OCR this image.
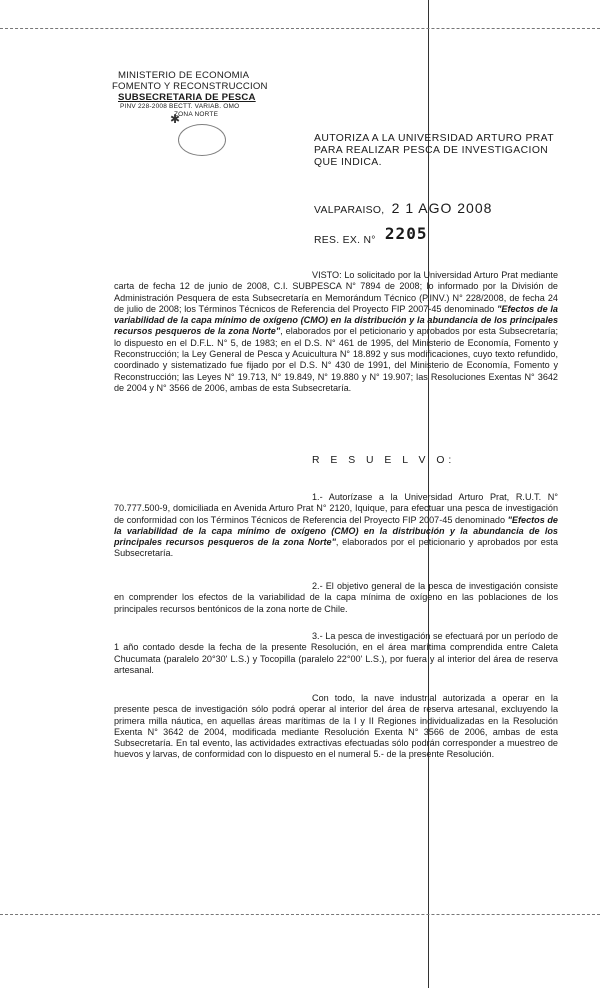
MINISTERIO DE ECONOMIA
FOMENTO Y RECONSTRUCCION
SUBSECRETARIA DE PESCA
PINV 228-2008 BECTT. VARIAB. OMO
ZONA NORTE
✱
AUTORIZA A LA UNIVERSIDAD ARTURO PRAT
PARA REALIZAR PESCA DE INVESTIGACION
QUE INDICA.
VALPARAISO, 2 1 AGO 2008
RES. EX. N° 2205

VISTO: Lo solicitado por la Universidad Arturo Prat mediante carta de fecha 12 de junio de 2008, C.I. SUBPESCA N° 7894 de 2008; lo informado por la División de Administración Pesquera de esta Subsecretaría en Memorándum Técnico (P.INV.) N° 228/2008, de fecha 24 de julio de 2008; los Términos Técnicos de Referencia del Proyecto FIP 2007-45 denominado "Efectos de la variabilidad de la capa mínimo de oxígeno (CMO) en la distribución y la abundancia de los principales recursos pesqueros de la zona Norte", elaborados por el peticionario y aprobados por esta Subsecretaría; lo dispuesto en el D.F.L. N° 5, de 1983; en el D.S. N° 461 de 1995, del Ministerio de Economía, Fomento y Reconstrucción; la Ley General de Pesca y Acuicultura N° 18.892 y sus modificaciones, cuyo texto refundido, coordinado y sistematizado fue fijado por el D.S. N° 430 de 1991, del Ministerio de Economía, Fomento y Reconstrucción; las Leyes N° 19.713, N° 19.849, N° 19.880 y N° 19.907; las Resoluciones Exentas N° 3642 de 2004 y N° 3566 de 2006, ambas de esta Subsecretaría.

R E S U E L V O:

1.- Autorízase a la Universidad Arturo Prat, R.U.T. N° 70.777.500-9, domiciliada en Avenida Arturo Prat N° 2120, Iquique, para efectuar una pesca de investigación de conformidad con los Términos Técnicos de Referencia del Proyecto FIP 2007-45 denominado "Efectos de la variabilidad de la capa mínimo de oxígeno (CMO) en la distribución y la abundancia de los principales recursos pesqueros de la zona Norte", elaborados por el peticionario y aprobados por esta Subsecretaría.

2.- El objetivo general de la pesca de investigación consiste en comprender los efectos de la variabilidad de la capa mínima de oxígeno en las poblaciones de los principales recursos bentónicos de la zona norte de Chile.

3.- La pesca de investigación se efectuará por un período de 1 año contado desde la fecha de la presente Resolución, en el área marítima comprendida entre Caleta Chucumata (paralelo 20°30' L.S.) y Tocopilla (paralelo 22°00' L.S.), por fuera y al interior del área de reserva artesanal.

Con todo, la nave industrial autorizada a operar en la presente pesca de investigación sólo podrá operar al interior del área de reserva artesanal, excluyendo la primera milla náutica, en aquellas áreas marítimas de la I y II Regiones individualizadas en la Resolución Exenta N° 3642 de 2004, modificada mediante Resolución Exenta N° 3566 de 2006, ambas de esta Subsecretaría. En tal evento, las actividades extractivas efectuadas sólo podrán corresponder a muestreo de huevos y larvas, de conformidad con lo dispuesto en el numeral 5.- de la presente Resolución.
